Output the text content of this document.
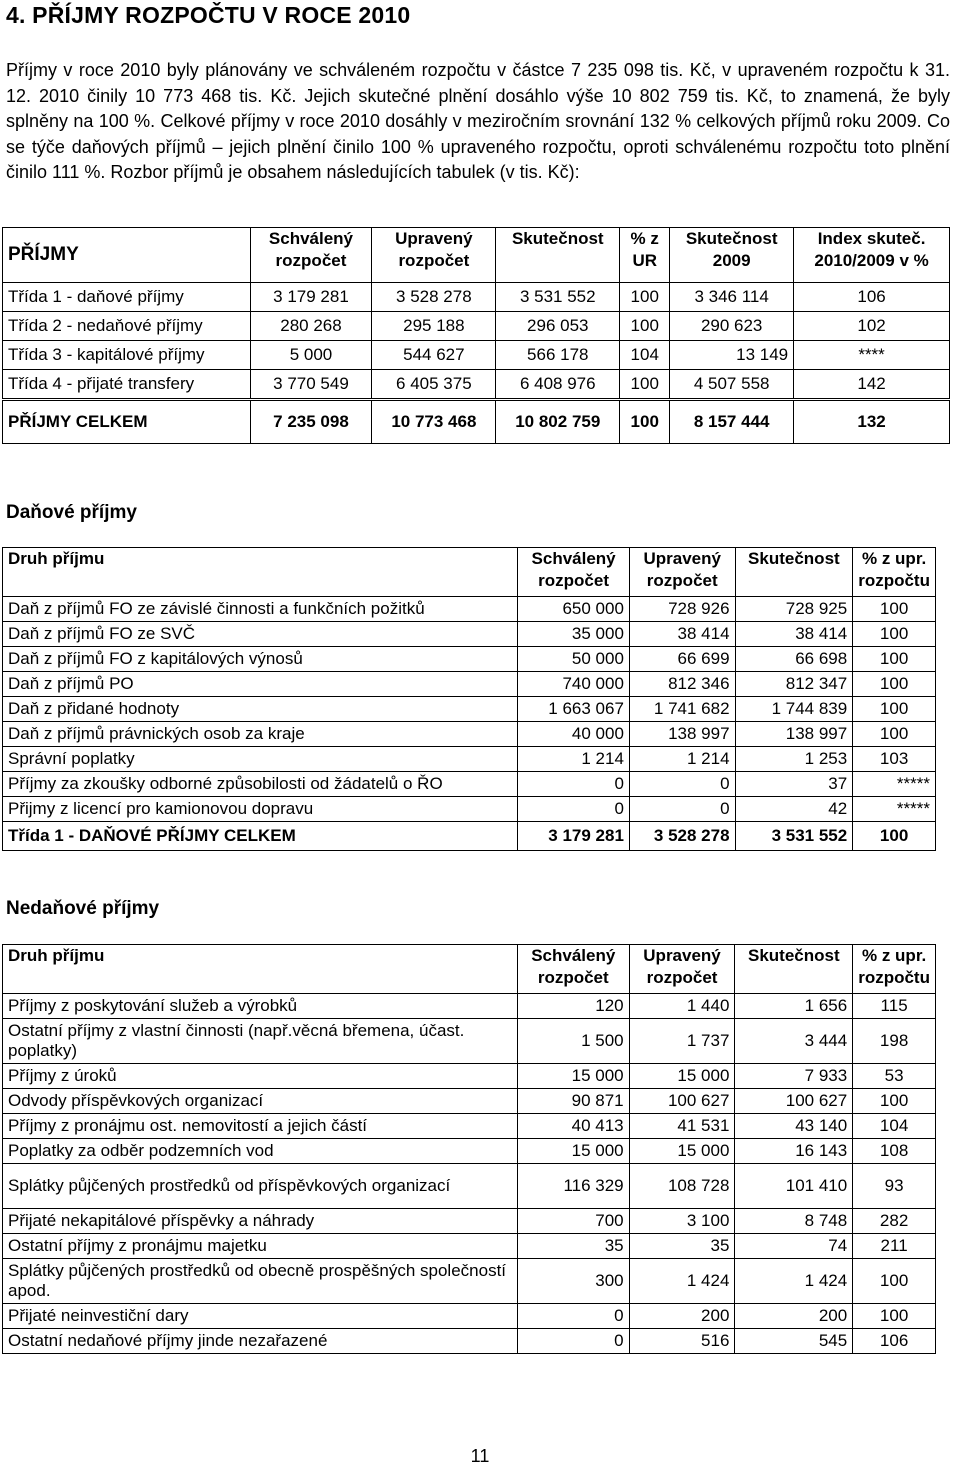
4. PŘÍJMY ROZPOČTU V ROCE 2010

Příjmy v roce 2010 byly plánovány ve schváleném rozpočtu v částce 7 235 098 tis. Kč, v upraveném rozpočtu k 31. 12. 2010 činily 10 773 468 tis. Kč. Jejich skutečné plnění dosáhlo výše 10 802 759 tis. Kč, to znamená, že byly splněny na 100 %. Celkové příjmy v roce 2010 dosáhly v meziročním srovnání 132 % celkových příjmů roku 2009. Co se týče daňových příjmů – jejich plnění činilo 100 % upraveného rozpočtu, oproti schválenému rozpočtu toto plnění činilo 111 %. Rozbor příjmů je obsahem následujících tabulek (v tis. Kč):

PŘÍJMY	Schválený rozpočet	Upravený rozpočet	Skutečnost	% z UR	Skutečnost 2009	Index skuteč. 2010/2009 v %
Třída 1 - daňové příjmy	3 179 281	3 528 278	3 531 552	100	3 346 114	106
Třída 2 - nedaňové příjmy	280 268	295 188	296 053	100	290 623	102
Třída 3 - kapitálové příjmy	5 000	544 627	566 178	104	13 149	****
Třída 4 - přijaté transfery	3 770 549	6 405 375	6 408 976	100	4 507 558	142
PŘÍJMY CELKEM	7 235 098	10 773 468	10 802 759	100	8 157 444	132
Daňové příjmy
Druh příjmu	Schválený rozpočet	Upravený rozpočet	Skutečnost	% z upr. rozpočtu
Daň z příjmů FO ze závislé činnosti a funkčních požitků	650 000	728 926	728 925	100
Daň z příjmů FO ze SVČ	35 000	38 414	38 414	100
Daň z příjmů FO z kapitálových výnosů	50 000	66 699	66 698	100
Daň z příjmů PO	740 000	812 346	812 347	100
Daň z přidané hodnoty	1 663 067	1 741 682	1 744 839	100
Daň z příjmů právnických osob za kraje	40 000	138 997	138 997	100
Správní poplatky	1 214	1 214	1 253	103
Příjmy za zkoušky odborné způsobilosti od žádatelů o ŘO	0	0	37	*****
Přijmy z licencí pro kamionovou dopravu	0	0	42	*****
Třída 1 - DAŇOVÉ PŘÍJMY CELKEM	3 179 281	3 528 278	3 531 552	100
Nedaňové příjmy
Druh příjmu	Schválený rozpočet	Upravený rozpočet	Skutečnost	% z upr. rozpočtu
Příjmy z poskytování služeb a výrobků	120	1 440	1 656	115
Ostatní příjmy z vlastní činnosti (např.věcná břemena, účast. poplatky)	1 500	1 737	3 444	198
Příjmy z úroků	15 000	15 000	7 933	53
Odvody příspěvkových organizací	90 871	100 627	100 627	100
Příjmy z pronájmu ost. nemovitostí a jejich částí	40 413	41 531	43 140	104
Poplatky za odběr podzemních vod	15 000	15 000	16 143	108
Splátky půjčených prostředků od příspěvkových organizací	116 329	108 728	101 410	93
Přijaté nekapitálové příspěvky a náhrady	700	3 100	8 748	282
Ostatní příjmy z pronájmu majetku	35	35	74	211
Splátky půjčených prostředků od obecně prospěšných společností apod.	300	1 424	1 424	100
Přijaté neinvestiční dary	0	200	200	100
Ostatní nedaňové příjmy jinde nezařazené	0	516	545	106
11
